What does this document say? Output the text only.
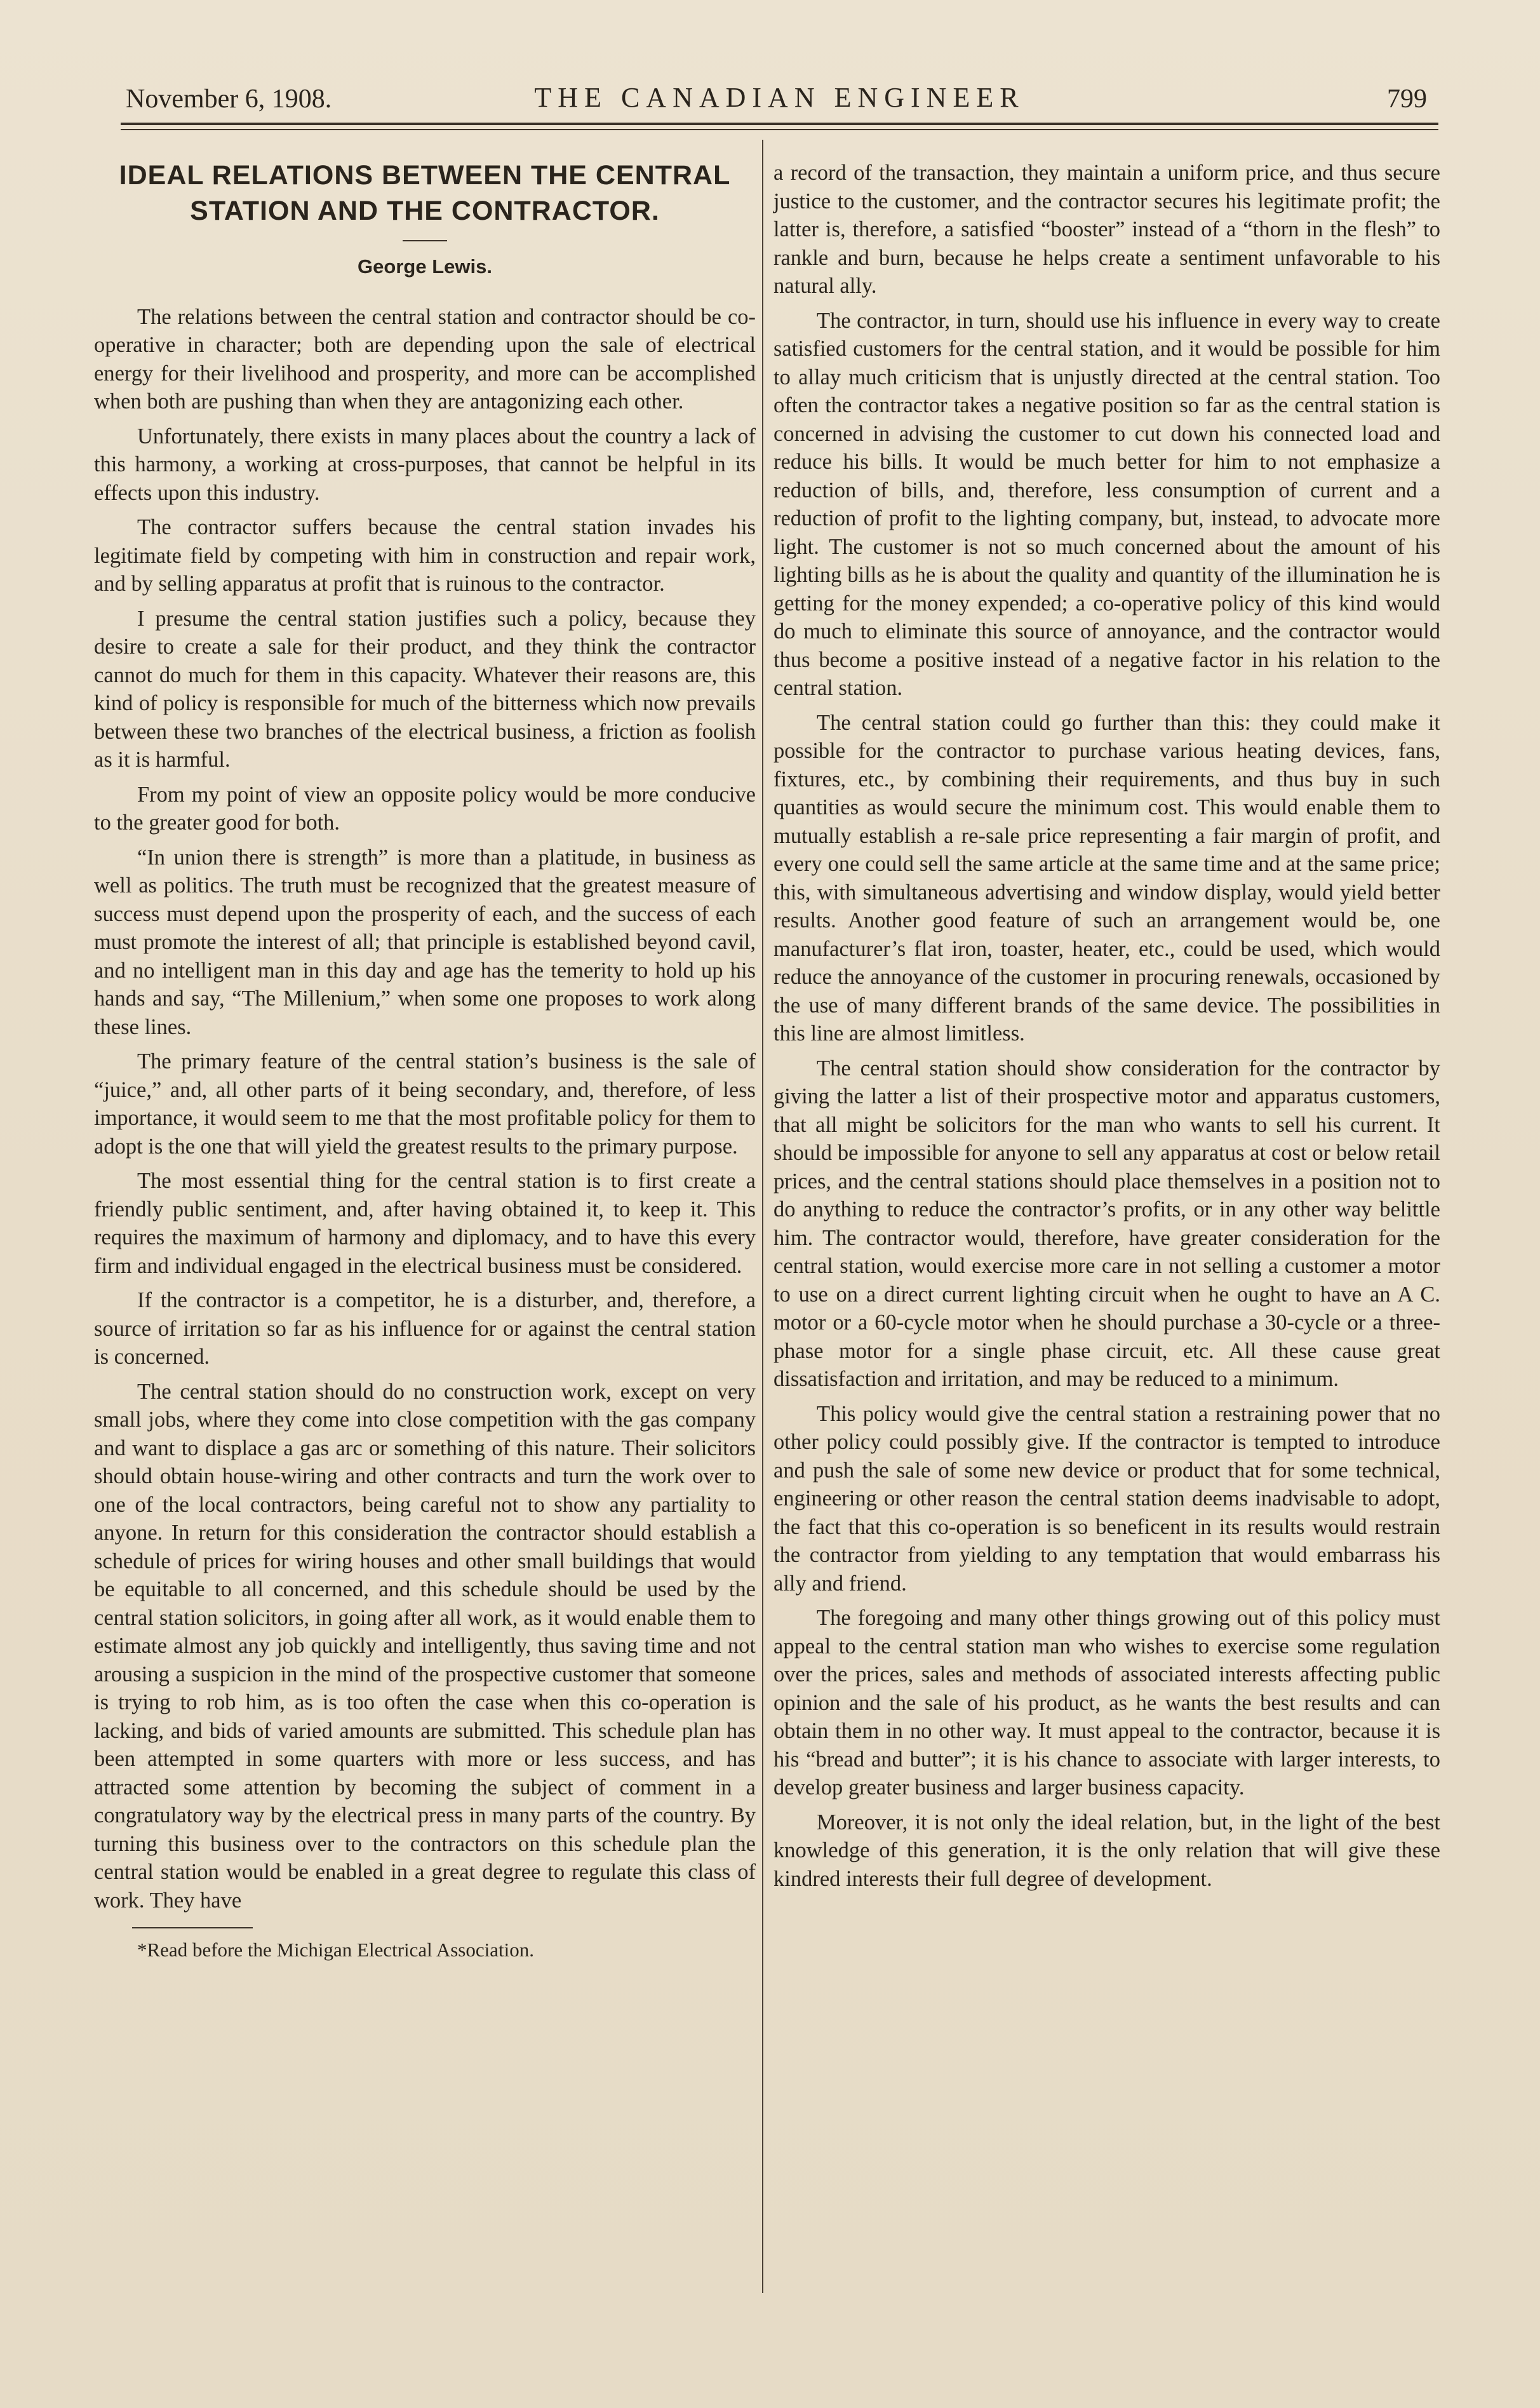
November 6, 1908.	THE CANADIAN ENGINEER	799
IDEAL RELATIONS BETWEEN THE CENTRAL
STATION AND THE CONTRACTOR.
George Lewis.

The relations between the central station and contractor should be co-operative in character; both are depending upon the sale of electrical energy for their livelihood and prosperity, and more can be accomplished when both are pushing than when they are antagonizing each other.

Unfortunately, there exists in many places about the country a lack of this harmony, a working at cross-purposes, that cannot be helpful in its effects upon this industry.

The contractor suffers because the central station invades his legitimate field by competing with him in construction and repair work, and by selling apparatus at profit that is ruinous to the contractor.

I presume the central station justifies such a policy, because they desire to create a sale for their product, and they think the contractor cannot do much for them in this capacity. Whatever their reasons are, this kind of policy is responsible for much of the bitterness which now prevails between these two branches of the electrical business, a friction as foolish as it is harmful.

From my point of view an opposite policy would be more conducive to the greater good for both.

“In union there is strength” is more than a platitude, in business as well as politics. The truth must be recognized that the greatest measure of success must depend upon the prosperity of each, and the success of each must promote the interest of all; that principle is established beyond cavil, and no intelligent man in this day and age has the temerity to hold up his hands and say, “The Millenium,” when some one proposes to work along these lines.

The primary feature of the central station’s business is the sale of “juice,” and, all other parts of it being secondary, and, therefore, of less importance, it would seem to me that the most profitable policy for them to adopt is the one that will yield the greatest results to the primary purpose.

The most essential thing for the central station is to first create a friendly public sentiment, and, after having obtained it, to keep it. This requires the maximum of harmony and diplomacy, and to have this every firm and individual engaged in the electrical business must be considered.

If the contractor is a competitor, he is a disturber, and, therefore, a source of irritation so far as his influence for or against the central station is concerned.

The central station should do no construction work, except on very small jobs, where they come into close competition with the gas company and want to displace a gas arc or something of this nature. Their solicitors should obtain house-wiring and other contracts and turn the work over to one of the local contractors, being careful not to show any partiality to anyone. In return for this consideration the contractor should establish a schedule of prices for wiring houses and other small buildings that would be equitable to all concerned, and this schedule should be used by the central station solicitors, in going after all work, as it would enable them to estimate almost any job quickly and intelligently, thus saving time and not arousing a suspicion in the mind of the prospective customer that someone is trying to rob him, as is too often the case when this co-operation is lacking, and bids of varied amounts are submitted. This schedule plan has been attempted in some quarters with more or less success, and has attracted some attention by becoming the subject of comment in a congratulatory way by the electrical press in many parts of the country. By turning this business over to the contractors on this schedule plan the central station would be enabled in a great degree to regulate this class of work. They have

*Read before the Michigan Electrical Association.

a record of the transaction, they maintain a uniform price, and thus secure justice to the customer, and the contractor secures his legitimate profit; the latter is, therefore, a satisfied “booster” instead of a “thorn in the flesh” to rankle and burn, because he helps create a sentiment unfavorable to his natural ally.

The contractor, in turn, should use his influence in every way to create satisfied customers for the central station, and it would be possible for him to allay much criticism that is unjustly directed at the central station. Too often the contractor takes a negative position so far as the central station is concerned in advising the customer to cut down his connected load and reduce his bills. It would be much better for him to not emphasize a reduction of bills, and, therefore, less consumption of current and a reduction of profit to the lighting company, but, instead, to advocate more light. The customer is not so much concerned about the amount of his lighting bills as he is about the quality and quantity of the illumination he is getting for the money expended; a co-operative policy of this kind would do much to eliminate this source of annoyance, and the contractor would thus become a positive instead of a negative factor in his relation to the central station.

The central station could go further than this: they could make it possible for the contractor to purchase various heating devices, fans, fixtures, etc., by combining their requirements, and thus buy in such quantities as would secure the minimum cost. This would enable them to mutually establish a re-sale price representing a fair margin of profit, and every one could sell the same article at the same time and at the same price; this, with simultaneous advertising and window display, would yield better results. Another good feature of such an arrangement would be, one manufacturer’s flat iron, toaster, heater, etc., could be used, which would reduce the annoyance of the customer in procuring renewals, occasioned by the use of many different brands of the same device. The possibilities in this line are almost limitless.

The central station should show consideration for the contractor by giving the latter a list of their prospective motor and apparatus customers, that all might be solicitors for the man who wants to sell his current. It should be impossible for anyone to sell any apparatus at cost or below retail prices, and the central stations should place themselves in a position not to do anything to reduce the contractor’s profits, or in any other way belittle him. The contractor would, therefore, have greater consideration for the central station, would exercise more care in not selling a customer a motor to use on a direct current lighting circuit when he ought to have an A C. motor or a 60-cycle motor when he should purchase a 30-cycle or a three-phase motor for a single phase circuit, etc. All these cause great dissatisfaction and irritation, and may be reduced to a minimum.

This policy would give the central station a restraining power that no other policy could possibly give. If the contractor is tempted to introduce and push the sale of some new device or product that for some technical, engineering or other reason the central station deems inadvisable to adopt, the fact that this co-operation is so beneficent in its results would restrain the contractor from yielding to any temptation that would embarrass his ally and friend.

The foregoing and many other things growing out of this policy must appeal to the central station man who wishes to exercise some regulation over the prices, sales and methods of associated interests affecting public opinion and the sale of his product, as he wants the best results and can obtain them in no other way. It must appeal to the contractor, because it is his “bread and butter”; it is his chance to associate with larger interests, to develop greater business and larger business capacity.

Moreover, it is not only the ideal relation, but, in the light of the best knowledge of this generation, it is the only relation that will give these kindred interests their full degree of development.
